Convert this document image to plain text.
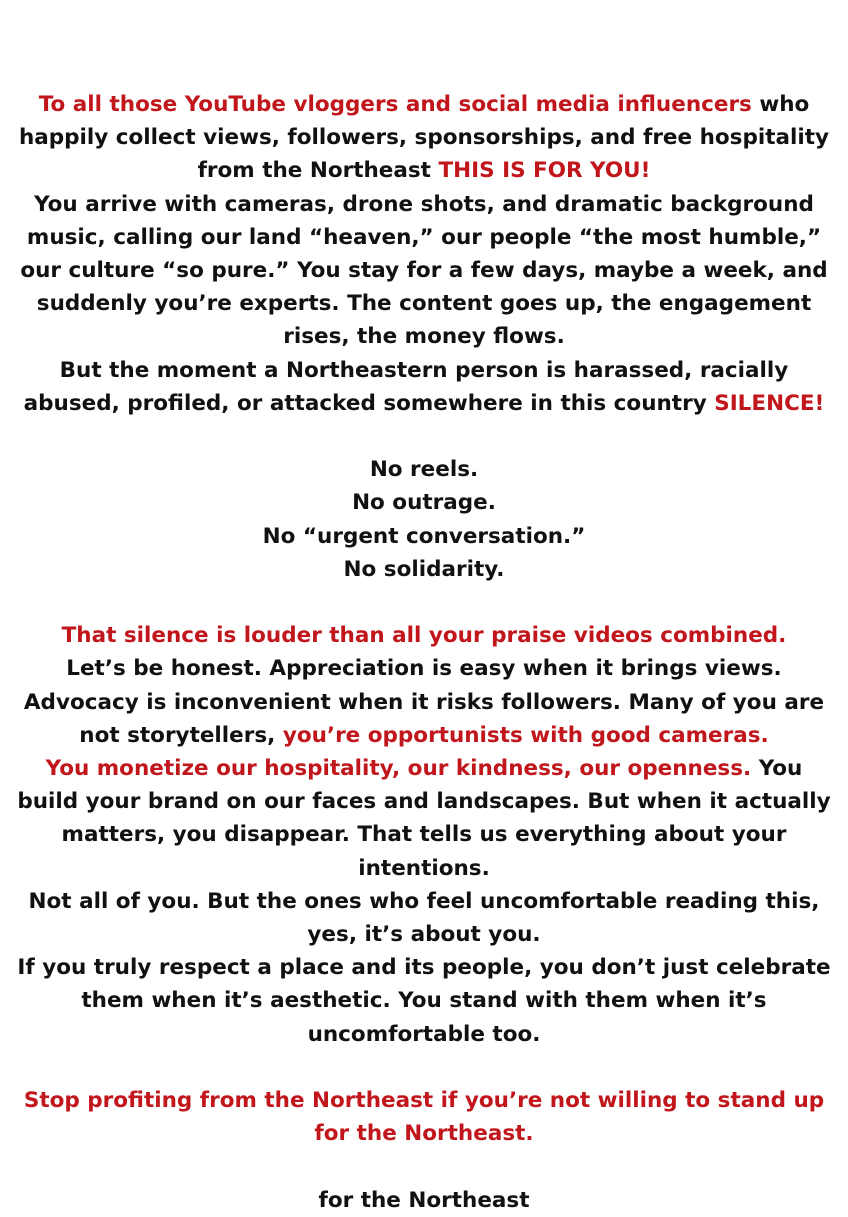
To all those YouTube vloggers and social media influencers who
happily collect views, followers, sponsorships, and free hospitality
from the Northeast THIS IS FOR YOU!
You arrive with cameras, drone shots, and dramatic background
music, calling our land “heaven,” our people “the most humble,”
our culture “so pure.” You stay for a few days, maybe a week, and
suddenly you’re experts. The content goes up, the engagement
rises, the money flows.
But the moment a Northeastern person is harassed, racially
abused, profiled, or attacked somewhere in this country SILENCE!
No reels.
No outrage.
No “urgent conversation.”
No solidarity.
That silence is louder than all your praise videos combined.
Let’s be honest. Appreciation is easy when it brings views.
Advocacy is inconvenient when it risks followers. Many of you are
not storytellers, you’re opportunists with good cameras.
You monetize our hospitality, our kindness, our openness. You
build your brand on our faces and landscapes. But when it actually
matters, you disappear. That tells us everything about your
intentions.
Not all of you. But the ones who feel uncomfortable reading this,
yes, it’s about you.
If you truly respect a place and its people, you don’t just celebrate
them when it’s aesthetic. You stand with them when it’s
uncomfortable too.
Stop profiting from the Northeast if you’re not willing to stand up
for the Northeast.
for the Northeast
